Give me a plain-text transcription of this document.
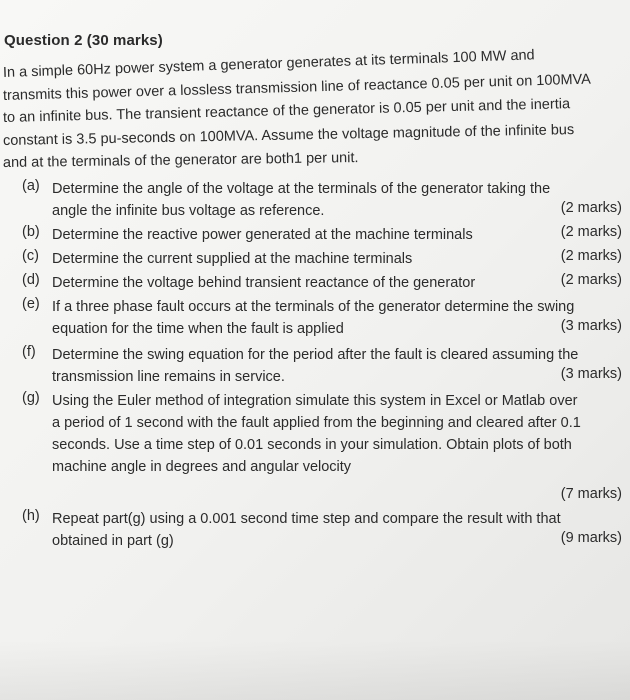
Question 2 (30 marks)
In a simple 60Hz power system a generator generates at its terminals 100 MW and
transmits this power over a lossless transmission line of reactance 0.05 per unit on 100MVA
to an infinite bus. The transient reactance of the generator is 0.05 per unit and the inertia
constant is 3.5 pu-seconds on 100MVA. Assume the voltage magnitude of the infinite bus
and at the terminals of the generator are both1 per unit.
(a) Determine the angle of the voltage at the terminals of the generator taking the angle the infinite bus voltage as reference.	(2 marks)
(b) Determine the reactive power generated at the machine terminals	(2 marks)
(c) Determine the current supplied at the machine terminals	(2 marks)
(d) Determine the voltage behind transient reactance of the generator	(2 marks)
(e) If a three phase fault occurs at the terminals of the generator determine the swing equation for the time when the fault is applied	(3 marks)
(f) Determine the swing equation for the period after the fault is cleared assuming the transmission line remains in service.	(3 marks)
(g) Using the Euler method of integration simulate this system in Excel or Matlab over a period of 1 second with the fault applied from the beginning and cleared after 0.1 seconds. Use a time step of 0.01 seconds in your simulation. Obtain plots of both machine angle in degrees and angular velocity
(7 marks)
(h) Repeat part(g) using a 0.001 second time step and compare the result with that obtained in part (g)	(9 marks)
